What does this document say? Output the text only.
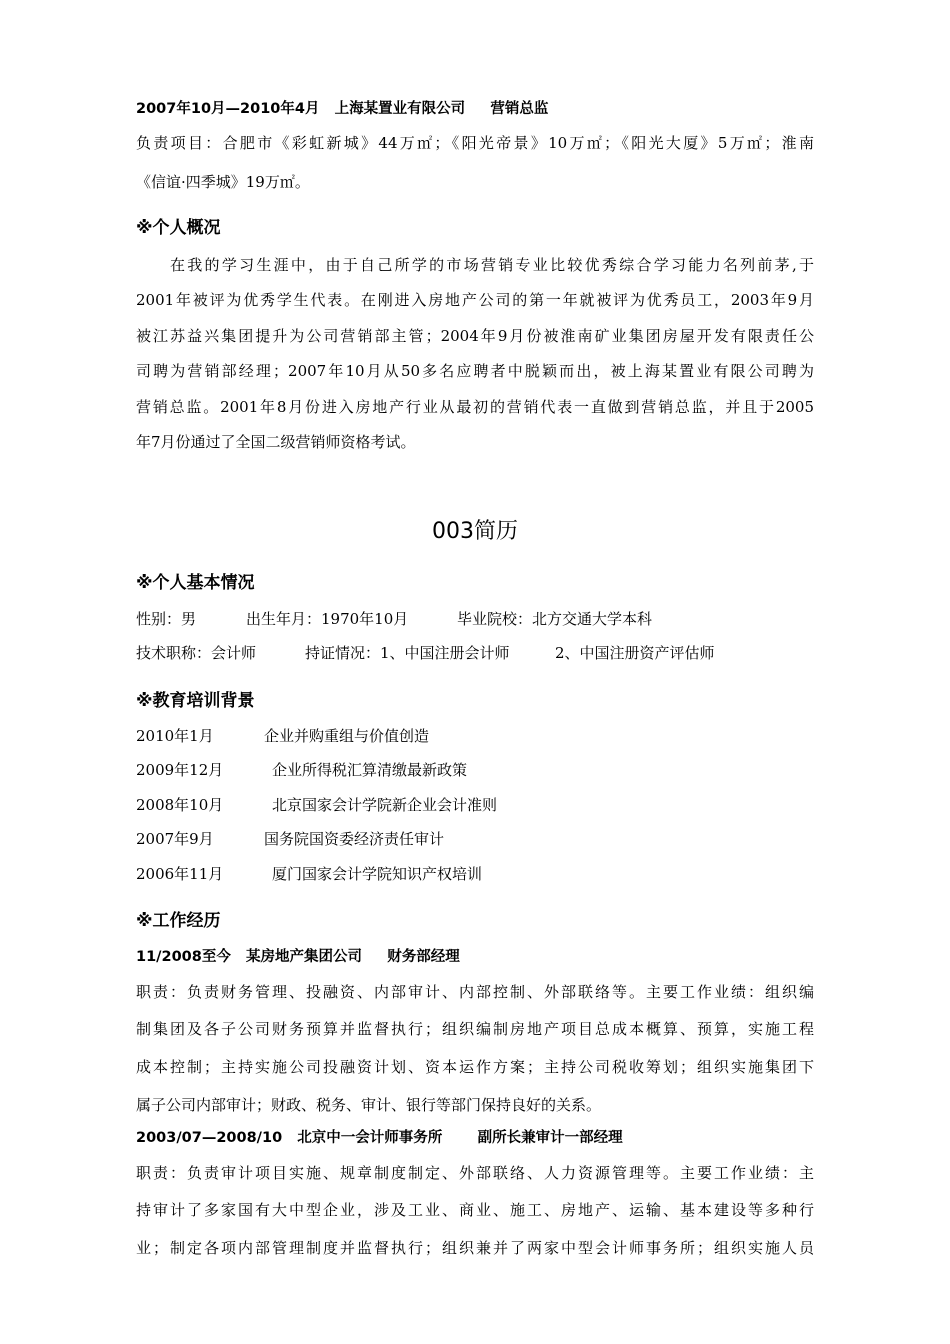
2007年10月—2010年4月   上海某置业有限公司     营销总监
负责项目：合肥市《彩虹新城》44万㎡；《阳光帝景》10万㎡；《阳光大厦》5万㎡；淮南
《信谊·四季城》19万㎡。
※个人概况
在我的学习生涯中，由于自己所学的市场营销专业比较优秀综合学习能力名列前茅,于
2001年被评为优秀学生代表。在刚进入房地产公司的第一年就被评为优秀员工，2003年9月
被江苏益兴集团提升为公司营销部主管；2004年9月份被淮南矿业集团房屋开发有限责任公
司聘为营销部经理；2007年10月从50多名应聘者中脱颖而出，被上海某置业有限公司聘为
营销总监。2001年8月份进入房地产行业从最初的营销代表一直做到营销总监，并且于2005
年7月份通过了全国二级营销师资格考试。
003简历
※个人基本情况
性别：男	出生年月：1970年10月	毕业院校：北方交通大学本科
技术职称：会计师	持证情况：1、中国注册会计师	2、中国注册资产评估师
※教育培训背景
2010年1月	企业并购重组与价值创造
2009年12月	企业所得税汇算清缴最新政策
2008年10月	北京国家会计学院新企业会计准则
2007年9月	国务院国资委经济责任审计
2006年11月	厦门国家会计学院知识产权培训
※工作经历
11/2008至今   某房地产集团公司     财务部经理
职责：负责财务管理、投融资、内部审计、内部控制、外部联络等。主要工作业绩：组织编
制集团及各子公司财务预算并监督执行；组织编制房地产项目总成本概算、预算，实施工程
成本控制；主持实施公司投融资计划、资本运作方案；主持公司税收筹划；组织实施集团下
属子公司内部审计；财政、税务、审计、银行等部门保持良好的关系。
2003/07—2008/10   北京中一会计师事务所       副所长兼审计一部经理
职责：负责审计项目实施、规章制度制定、外部联络、人力资源管理等。主要工作业绩：主
持审计了多家国有大中型企业，涉及工业、商业、施工、房地产、运输、基本建设等多种行
业；制定各项内部管理制度并监督执行；组织兼并了两家中型会计师事务所；组织实施人员
